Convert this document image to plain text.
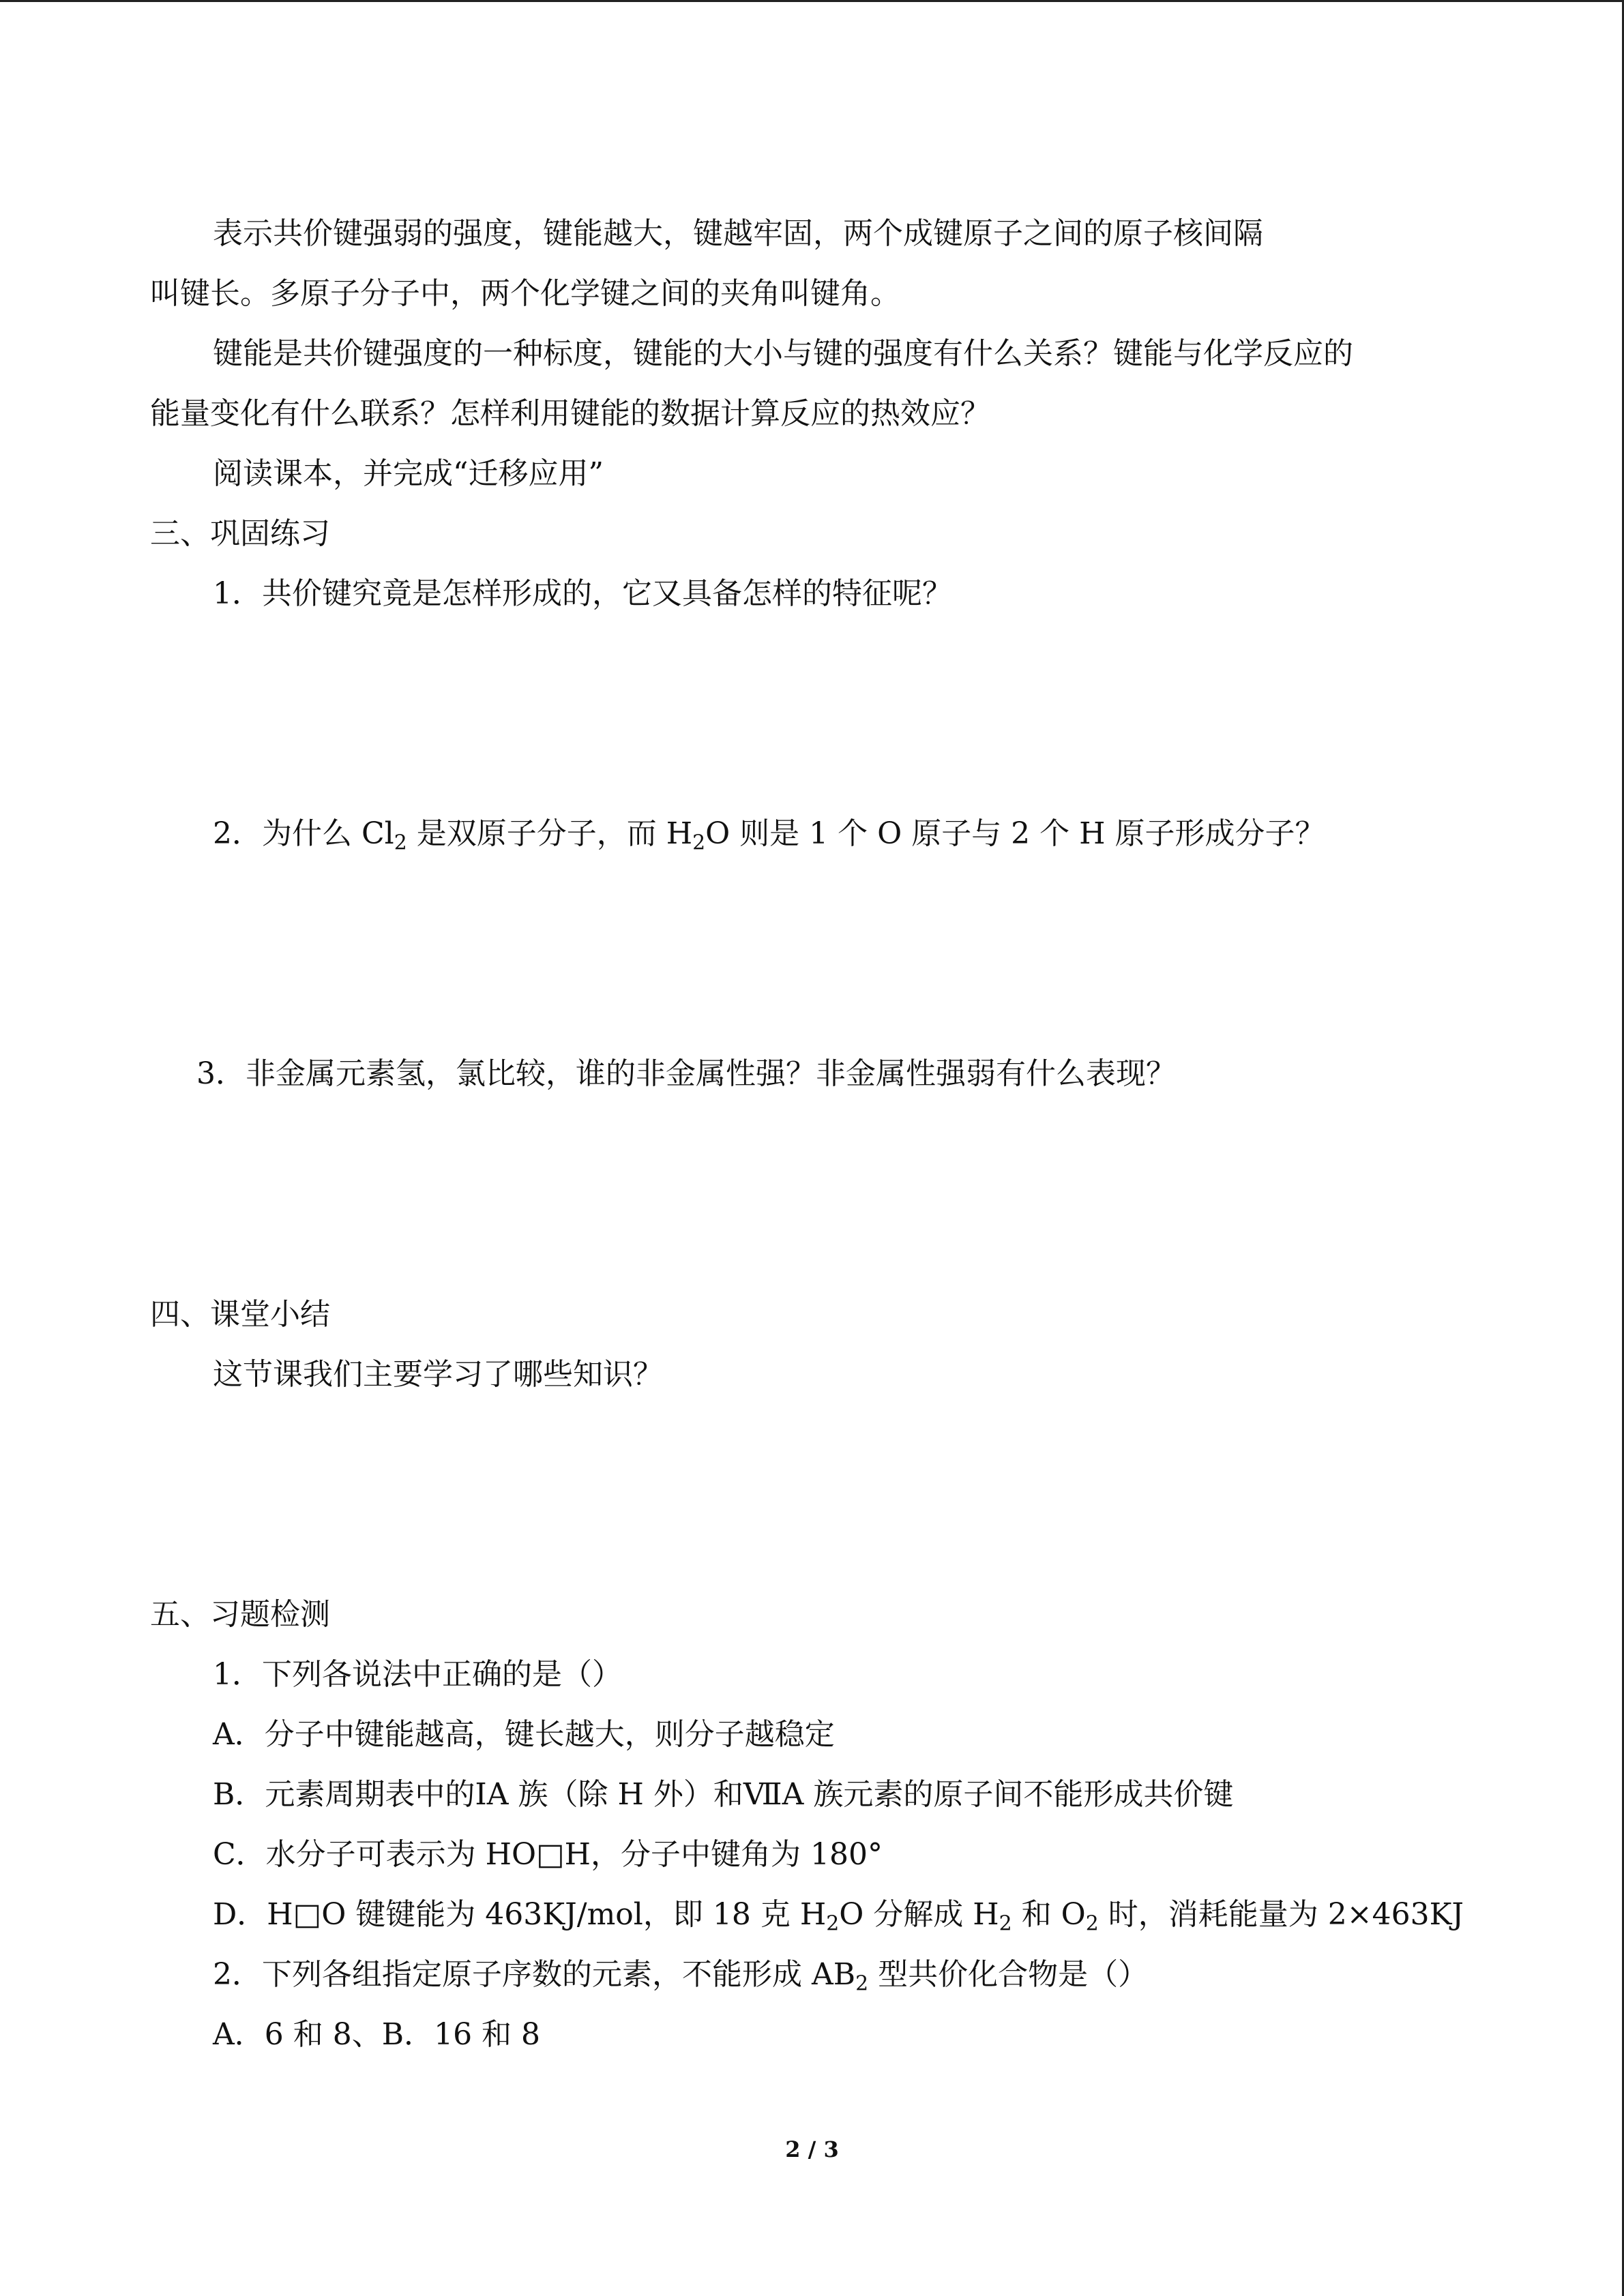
表示共价键强弱的强度，键能越大，键越牢固，两个成键原子之间的原子核间隔
叫键长。多原子分子中，两个化学键之间的夹角叫键角。
键能是共价键强度的一种标度，键能的大小与键的强度有什么关系？键能与化学反应的
能量变化有什么联系？怎样利用键能的数据计算反应的热效应？
阅读课本，并完成“迁移应用”
三、巩固练习
1．共价键究竟是怎样形成的，它又具备怎样的特征呢？
2．为什么 $Cl_2$ 是双原子分子，而 $H_2O$ 则是 1 个 O 原子与 2 个 H 原子形成分子？
3．非金属元素氢，氯比较，谁的非金属性强？非金属性强弱有什么表现？
四、课堂小结
这节课我们主要学习了哪些知识？
五、习题检测
1．下列各说法中正确的是（）
A．分子中键能越高，键长越大，则分子越稳定
B．元素周期表中的ⅠA 族（除 H 外）和ⅦA 族元素的原子间不能形成共价键
C．水分子可表示为 HO□H，分子中键角为 180°
D．H□O 键键能为 463KJ/mol，即 18 克 $H_2O$ 分解成 $H_2$ 和 $O_2$ 时，消耗能量为 2×463KJ
2．下列各组指定原子序数的元素，不能形成 $AB_2$ 型共价化合物是（）
A．6 和 8、B．16 和 8
2 / 3
